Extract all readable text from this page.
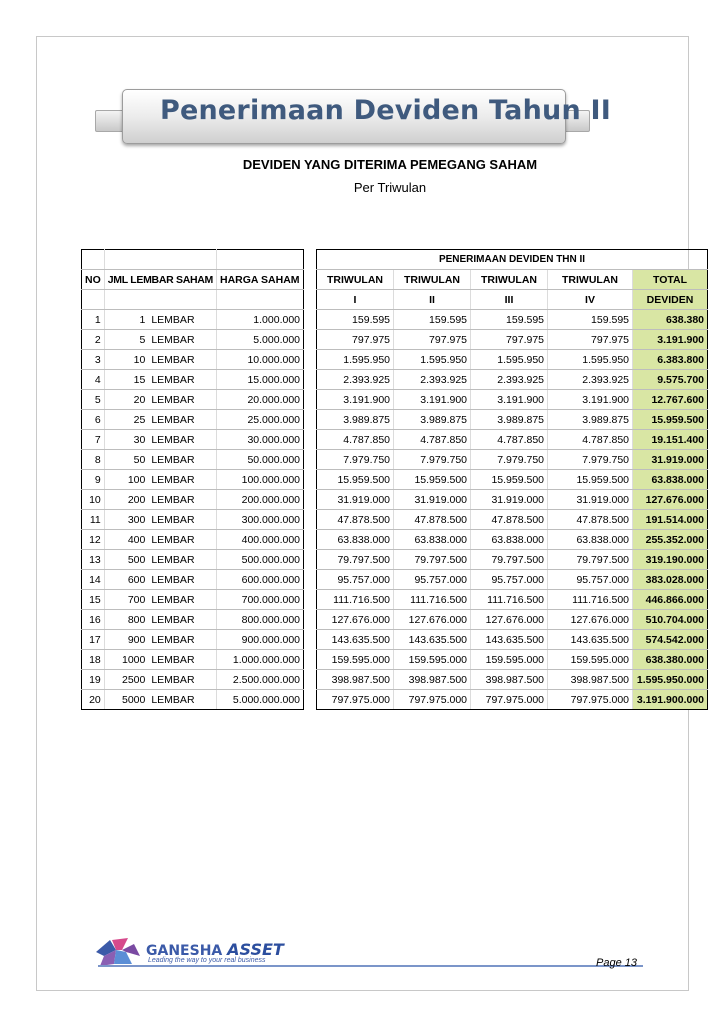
Penerimaan Deviden Tahun II
DEVIDEN YANG DITERIMA PEMEGANG SAHAM
Per Triwulan
					PENERIMAAN DEVIDEN THN II				
NO	JML LEMBAR SAHAM		HARGA SAHAM		TRIWULAN	TRIWULAN	TRIWULAN	TRIWULAN	TOTAL
					I	II	III	IV	DEVIDEN
1	1	LEMBAR	1.000.000		159.595	159.595	159.595	159.595	638.380
2	5	LEMBAR	5.000.000		797.975	797.975	797.975	797.975	3.191.900
3	10	LEMBAR	10.000.000		1.595.950	1.595.950	1.595.950	1.595.950	6.383.800
4	15	LEMBAR	15.000.000		2.393.925	2.393.925	2.393.925	2.393.925	9.575.700
5	20	LEMBAR	20.000.000		3.191.900	3.191.900	3.191.900	3.191.900	12.767.600
6	25	LEMBAR	25.000.000		3.989.875	3.989.875	3.989.875	3.989.875	15.959.500
7	30	LEMBAR	30.000.000		4.787.850	4.787.850	4.787.850	4.787.850	19.151.400
8	50	LEMBAR	50.000.000		7.979.750	7.979.750	7.979.750	7.979.750	31.919.000
9	100	LEMBAR	100.000.000		15.959.500	15.959.500	15.959.500	15.959.500	63.838.000
10	200	LEMBAR	200.000.000		31.919.000	31.919.000	31.919.000	31.919.000	127.676.000
11	300	LEMBAR	300.000.000		47.878.500	47.878.500	47.878.500	47.878.500	191.514.000
12	400	LEMBAR	400.000.000		63.838.000	63.838.000	63.838.000	63.838.000	255.352.000
13	500	LEMBAR	500.000.000		79.797.500	79.797.500	79.797.500	79.797.500	319.190.000
14	600	LEMBAR	600.000.000		95.757.000	95.757.000	95.757.000	95.757.000	383.028.000
15	700	LEMBAR	700.000.000		111.716.500	111.716.500	111.716.500	111.716.500	446.866.000
16	800	LEMBAR	800.000.000		127.676.000	127.676.000	127.676.000	127.676.000	510.704.000
17	900	LEMBAR	900.000.000		143.635.500	143.635.500	143.635.500	143.635.500	574.542.000
18	1000	LEMBAR	1.000.000.000		159.595.000	159.595.000	159.595.000	159.595.000	638.380.000
19	2500	LEMBAR	2.500.000.000		398.987.500	398.987.500	398.987.500	398.987.500	1.595.950.000
20	5000	LEMBAR	5.000.000.000		797.975.000	797.975.000	797.975.000	797.975.000	3.191.900.000
GANESHA ASSET
Leading the way to your real business	Page 13
